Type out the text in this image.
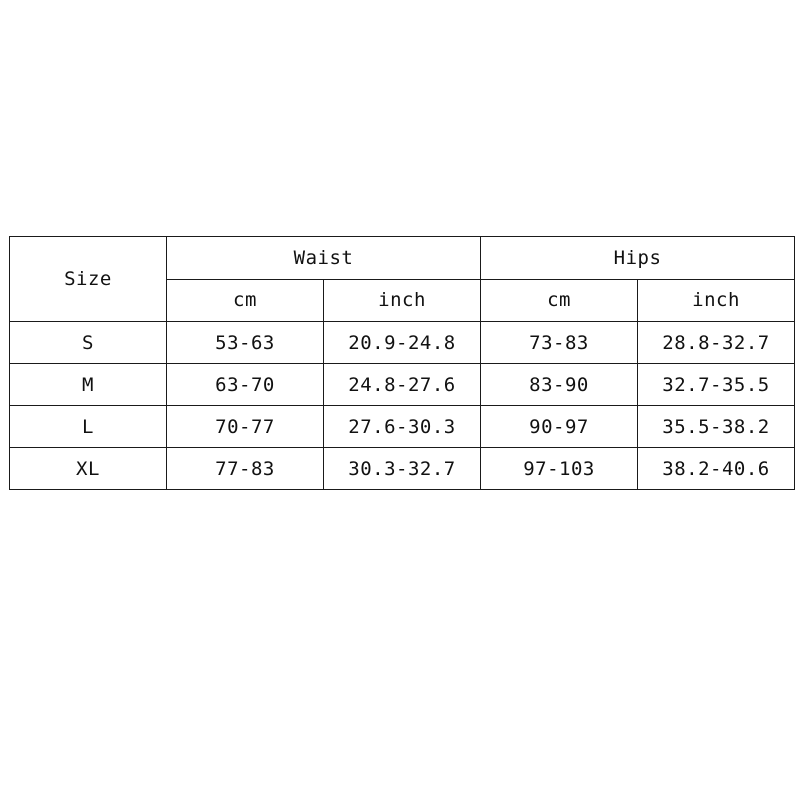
Size	Waist		Hips	
	cm	inch	cm	inch
S	53-63	20.9-24.8	73-83	28.8-32.7
M	63-70	24.8-27.6	83-90	32.7-35.5
L	70-77	27.6-30.3	90-97	35.5-38.2
XL	77-83	30.3-32.7	97-103	38.2-40.6
